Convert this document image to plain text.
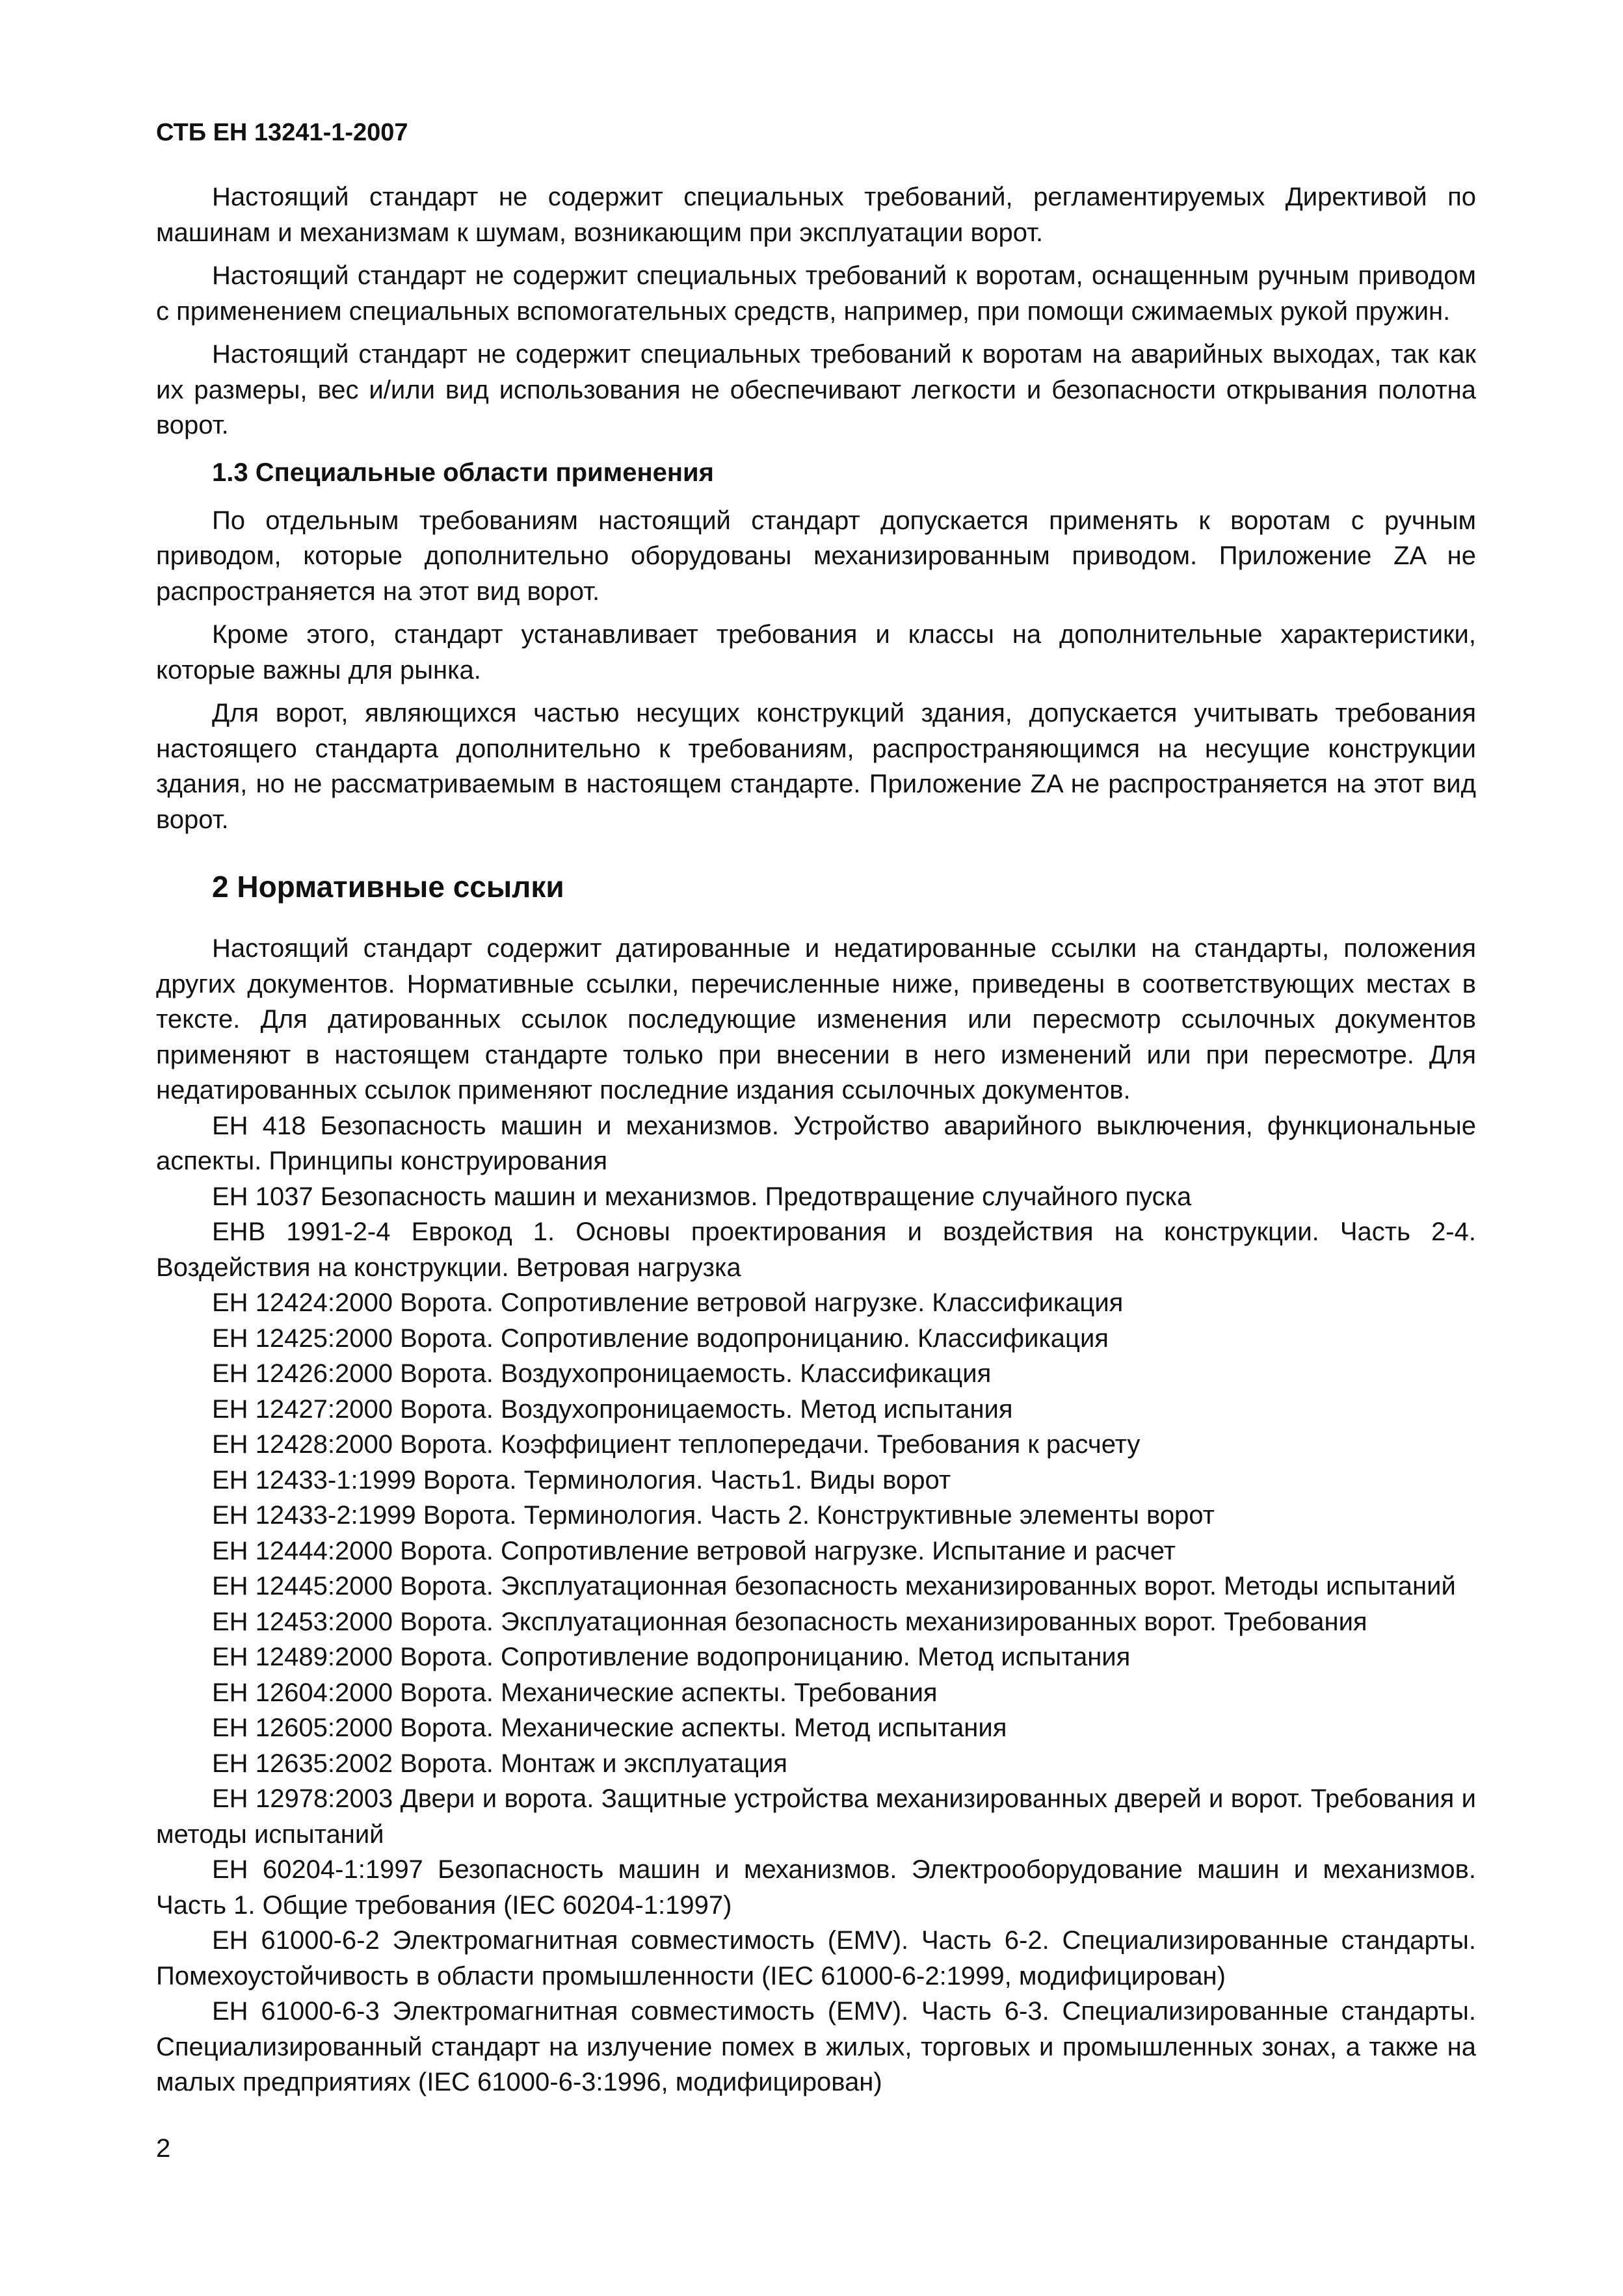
СТБ ЕН 13241-1-2007

Настоящий стандарт не содержит специальных требований, регламентируемых Директивой по машинам и механизмам к шумам, возникающим при эксплуатации ворот.

Настоящий стандарт не содержит специальных требований к воротам, оснащенным ручным приводом с применением специальных вспомогательных средств, например, при помощи сжимаемых рукой пружин.

Настоящий стандарт не содержит специальных требований к воротам на аварийных выходах, так как их размеры, вес и/или вид использования не обеспечивают легкости и безопасности открывания полотна ворот.

1.3 Специальные области применения

По отдельным требованиям настоящий стандарт допускается применять к воротам с ручным приводом, которые дополнительно оборудованы механизированным приводом. Приложение ZA не распространяется на этот вид ворот.

Кроме этого, стандарт устанавливает требования и классы на дополнительные характеристики, которые важны для рынка.

Для ворот, являющихся частью несущих конструкций здания, допускается учитывать требования настоящего стандарта дополнительно к требованиям, распространяющимся на несущие конструкции здания, но не рассматриваемым в настоящем стандарте. Приложение ZA не распространяется на этот вид ворот.

2 Нормативные ссылки

Настоящий стандарт содержит датированные и недатированные ссылки на стандарты, положения других документов. Нормативные ссылки, перечисленные ниже, приведены в соответствующих местах в тексте. Для датированных ссылок последующие изменения или пересмотр ссылочных документов применяют в настоящем стандарте только при внесении в него изменений или при пересмотре. Для недатированных ссылок применяют последние издания ссылочных документов.

ЕН 418 Безопасность машин и механизмов. Устройство аварийного выключения, функциональные аспекты. Принципы конструирования

ЕН 1037 Безопасность машин и механизмов. Предотвращение случайного пуска

ЕНВ 1991-2-4 Еврокод 1. Основы проектирования и воздействия на конструкции. Часть 2-4. Воздействия на конструкции. Ветровая нагрузка

ЕН 12424:2000 Ворота. Сопротивление ветровой нагрузке. Классификация

ЕН 12425:2000 Ворота. Сопротивление водопроницанию. Классификация

ЕН 12426:2000 Ворота. Воздухопроницаемость. Классификация

ЕН 12427:2000 Ворота. Воздухопроницаемость. Метод испытания

ЕН 12428:2000 Ворота. Коэффициент теплопередачи. Требования к расчету

ЕН 12433-1:1999 Ворота. Терминология. Часть1. Виды ворот

ЕН 12433-2:1999 Ворота. Терминология. Часть 2. Конструктивные элементы ворот

ЕН 12444:2000 Ворота. Сопротивление ветровой нагрузке. Испытание и расчет

ЕН 12445:2000 Ворота. Эксплуатационная безопасность механизированных ворот. Методы испытаний

ЕН 12453:2000 Ворота. Эксплуатационная безопасность механизированных ворот. Требования

ЕН 12489:2000 Ворота. Сопротивление водопроницанию. Метод испытания

ЕН 12604:2000 Ворота. Механические аспекты. Требования

ЕН 12605:2000 Ворота. Механические аспекты. Метод испытания

ЕН 12635:2002 Ворота. Монтаж и эксплуатация

ЕН 12978:2003 Двери и ворота. Защитные устройства механизированных дверей и ворот. Требования и методы испытаний

ЕН 60204-1:1997 Безопасность машин и механизмов. Электрооборудование машин и механизмов. Часть 1. Общие требования (IEC 60204-1:1997)

ЕН 61000-6-2 Электромагнитная совместимость (EMV). Часть 6-2. Специализированные стандарты. Помехоустойчивость в области промышленности (IEC 61000-6-2:1999, модифицирован)

ЕН 61000-6-3 Электромагнитная совместимость (EMV). Часть 6-3. Специализированные стандарты. Специализированный стандарт на излучение помех в жилых, торговых и промышленных зонах, а также на малых предприятиях (IEC 61000-6-3:1996, модифицирован)

2
